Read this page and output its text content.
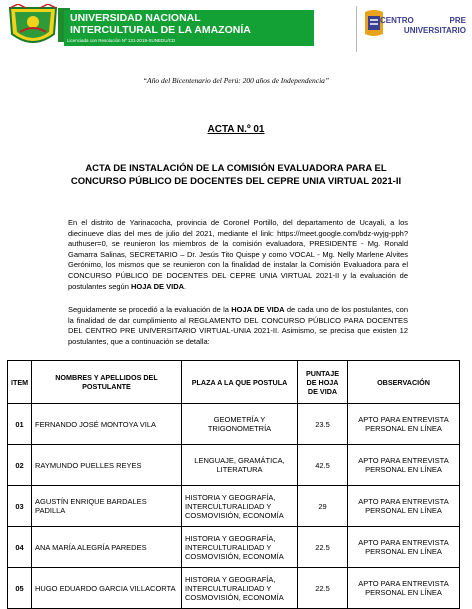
UNIVERSIDAD NACIONAL
INTERCULTURAL DE LA AMAZONÍA
Licenciada con Resolución Nº 131-2019-SUNEDU/CD
CENTRO	PRE
UNIVERSITARIO
“Año del Bicentenario del Perú: 200 años de Independencia”
ACTA N.º 01
ACTA DE INSTALACIÓN DE LA COMISIÓN EVALUADORA PARA EL
CONCURSO PÚBLICO DE DOCENTES DEL CEPRE UNIA VIRTUAL 2021-II
En el distrito de Yarinacocha, provincia de Coronel Portillo, del departamento de Ucayali, a los diecinueve días del mes de julio del 2021, mediante el link: https://meet.google.com/bdz-wyjg-pph?authuser=0, se reunieron los miembros de la comisión evaluadora, PRESIDENTE - Mg. Ronald Gamarra Salinas, SECRETARIO – Dr. Jesús Tito Quispe y como VOCAL - Mg. Nelly Marlene Alvites Gerónimo, los mismos que se reunieron con la finalidad de instalar la Comisión Evaluadora para el CONCURSO PÚBLICO DE DOCENTES DEL CEPRE UNIA VIRTUAL 2021-II y la evaluación de postulantes según HOJA DE VIDA.
Seguidamente se procedió a la evaluación de la HOJA DE VIDA de cada uno de los postulantes, con la finalidad de dar cumplimiento al REGLAMENTO DEL CONCURSO PÚBLICO PARA DOCENTES DEL CENTRO PRE UNIVERSITARIO VIRTUAL-UNIA 2021-II. Asimismo, se precisa que existen 12 postulantes, que a continuación se detalla:
ITEM	NOMBRES Y APELLIDOS DEL POSTULANTE	PLAZA A LA QUE POSTULA	PUNTAJE DE HOJA DE VIDA	OBSERVACIÓN
01	FERNANDO JOSÉ MONTOYA VILA	GEOMETRÍA Y TRIGONOMETRÍA	23.5	APTO PARA ENTREVISTA PERSONAL EN LÍNEA
02	RAYMUNDO PUELLES REYES	LENGUAJE, GRAMÁTICA, LITERATURA	42.5	APTO PARA ENTREVISTA PERSONAL EN LÍNEA
03	AGUSTÍN ENRIQUE BARDALES PADILLA	HISTORIA Y GEOGRAFÍA, INTERCULTURALIDAD Y COSMOVISIÓN, ECONOMÍA	29	APTO PARA ENTREVISTA PERSONAL EN LÍNEA
04	ANA MARÍA ALEGRÍA PAREDES	HISTORIA Y GEOGRAFÍA, INTERCULTURALIDAD Y COSMOVISIÓN, ECONOMÍA	22.5	APTO PARA ENTREVISTA PERSONAL EN LÍNEA
05	HUGO EDUARDO GARCIA VILLACORTA	HISTORIA Y GEOGRAFÍA, INTERCULTURALIDAD Y COSMOVISIÓN, ECONOMÍA	22.5	APTO PARA ENTREVISTA PERSONAL EN LÍNEA
